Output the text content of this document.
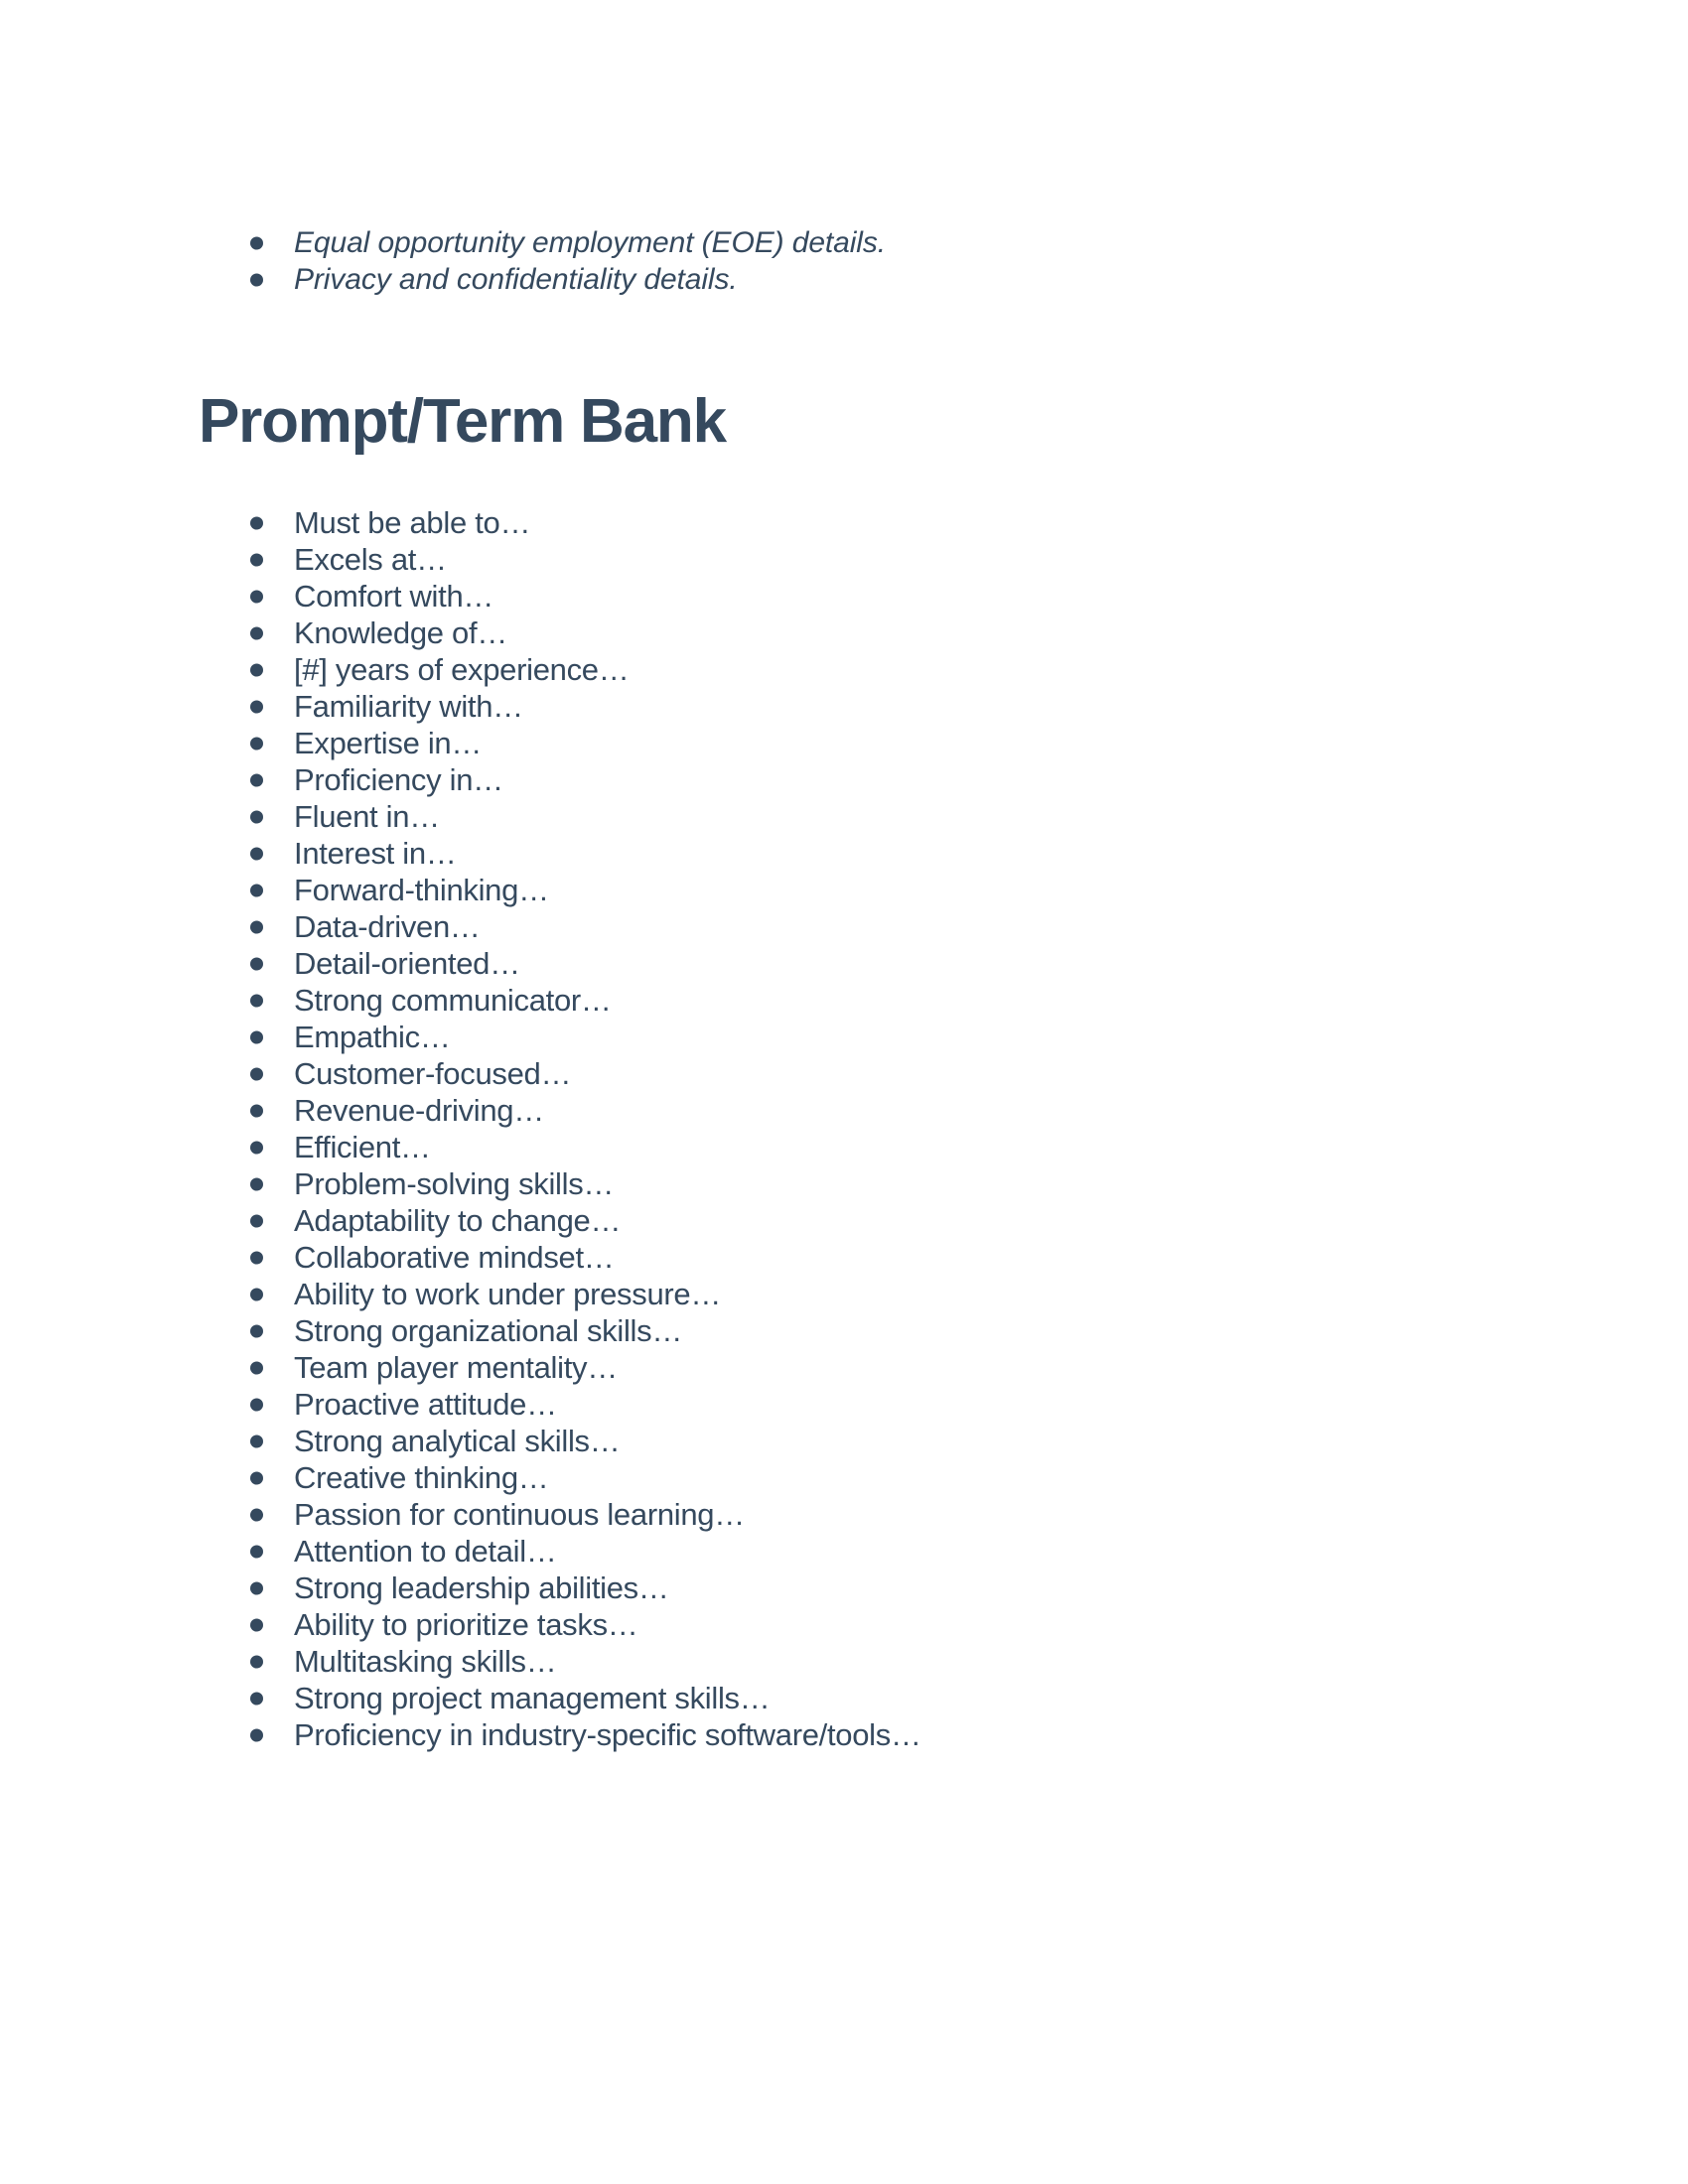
Equal opportunity employment (EOE) details.
Privacy and confidentiality details.
Prompt/Term Bank
Must be able to…
Excels at…
Comfort with…
Knowledge of…
[#] years of experience…
Familiarity with…
Expertise in…
Proficiency in…
Fluent in…
Interest in…
Forward-thinking…
Data-driven…
Detail-oriented…
Strong communicator…
Empathic…
Customer-focused…
Revenue-driving…
Efficient…
Problem-solving skills…
Adaptability to change…
Collaborative mindset…
Ability to work under pressure…
Strong organizational skills…
Team player mentality…
Proactive attitude…
Strong analytical skills…
Creative thinking…
Passion for continuous learning…
Attention to detail…
Strong leadership abilities…
Ability to prioritize tasks…
Multitasking skills…
Strong project management skills…
Proficiency in industry-specific software/tools…
